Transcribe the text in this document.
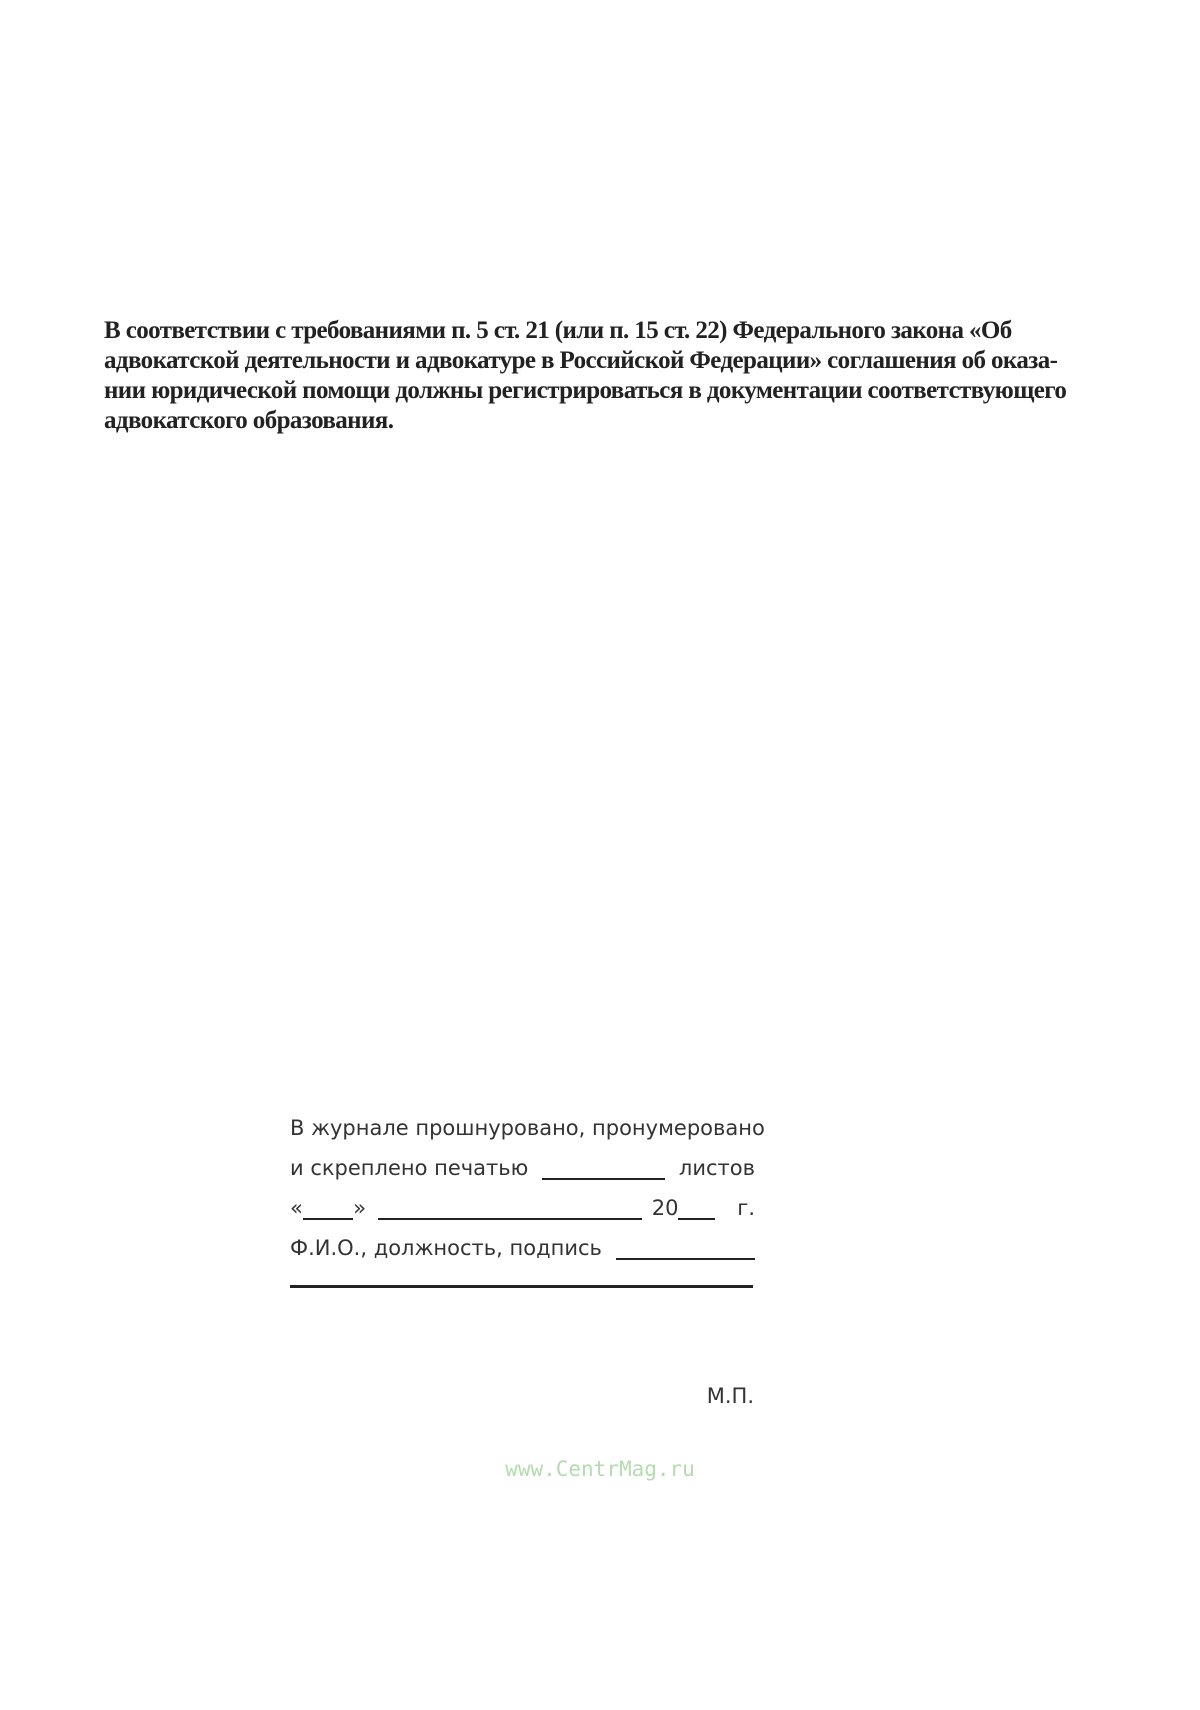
В соответствии с требованиями п. 5 ст. 21 (или п. 15 ст. 22) Федерального закона «Об
адвокатской деятельности и адвокатуре в Российской Федерации» соглашения об оказа-
нии юридической помощи должны регистрироваться в документации соответствующего
адвокатского образования.
В журнале прошнуровано, пронумеровано
и скреплено печатью	листов
« »	20	г.
Ф.И.О., должность, подпись
М.П.
www.CentrMag.ru
